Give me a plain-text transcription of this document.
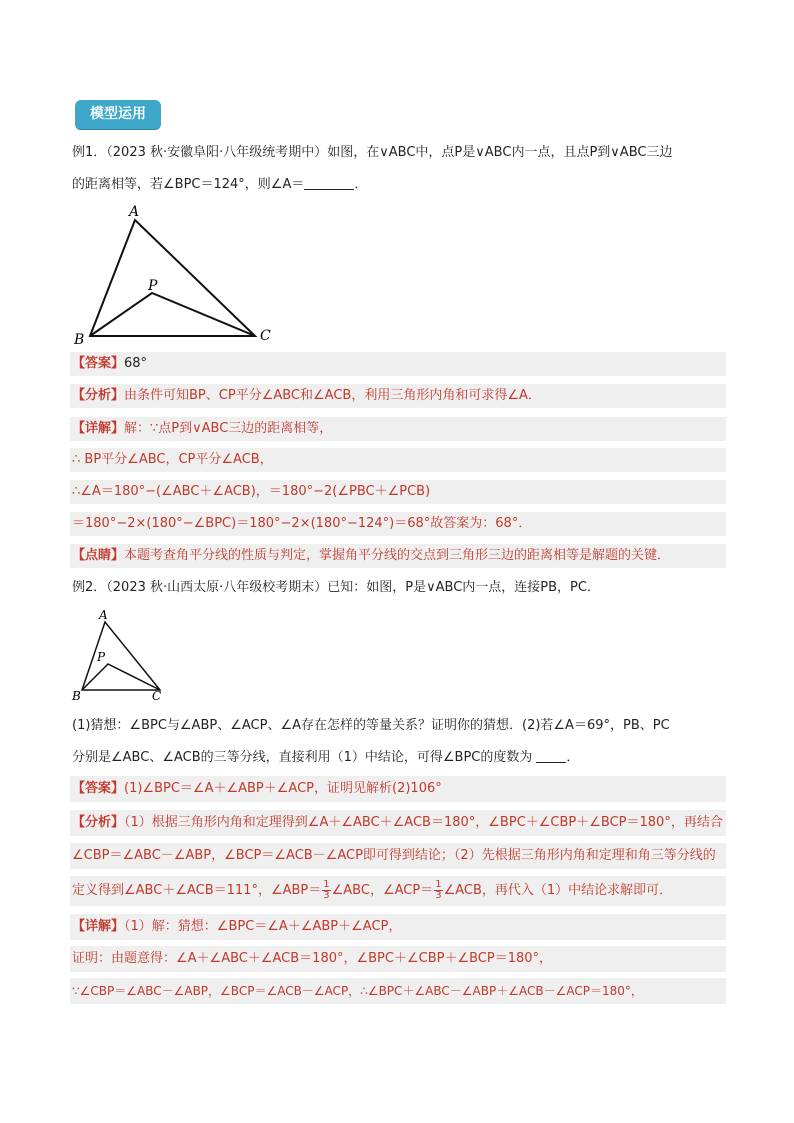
模型运用
例1．（2023 秋·安徽阜阳·八年级统考期中）如图，在∨ABC中，点P是∨ABC内一点，且点P到∨ABC三边
的距离相等，若∠BPC＝124°，则∠A＝	．
A
P
B	C
【答案】68°
【分析】由条件可知BP、CP平分∠ABC和∠ACB，利用三角形内角和可求得∠A．
【详解】解：∵点P到∨ABC三边的距离相等，
∴ BP平分∠ABC，CP平分∠ACB，
∴∠A＝180°−(∠ABC＋∠ACB)，＝180°−2(∠PBC＋∠PCB)
＝180°−2×(180°−∠BPC)＝180°−2×(180°−124°)＝68°故答案为：68°．
【点睛】本题考查角平分线的性质与判定，掌握角平分线的交点到三角形三边的距离相等是解题的关键．
例2．（2023 秋·山西太原·八年级校考期末）已知：如图，P是∨ABC内一点，连接PB，PC．
A
P
B	C
(1)猜想：∠BPC与∠ABP、∠ACP、∠A存在怎样的等量关系？证明你的猜想．(2)若∠A＝69°，PB、PC
分别是∠ABC、∠ACB的三等分线，直接利用（1）中结论，可得∠BPC的度数为	．
【答案】(1)∠BPC＝∠A＋∠ABP＋∠ACP，证明见解析(2)106°
【分析】（1）根据三角形内角和定理得到∠A＋∠ABC＋∠ACB＝180°，∠BPC＋∠CBP＋∠BCP＝180°，再结合
∠CBP＝∠ABC－∠ABP，∠BCP＝∠ACB－∠ACP即可得到结论；（2）先根据三角形内角和定理和角三等分线的
定义得到∠ABC＋∠ACB＝111°，∠ABP＝ $\frac{1}{3}$ ∠ABC，∠ACP＝ $\frac{1}{3}$ ∠ACB，再代入（1）中结论求解即可．
【详解】（1）解：猜想：∠BPC＝∠A＋∠ABP＋∠ACP，
证明：由题意得：∠A＋∠ABC＋∠ACB＝180°，∠BPC＋∠CBP＋∠BCP＝180°，
∵∠CBP＝∠ABC－∠ABP，∠BCP＝∠ACB－∠ACP，∴∠BPC＋∠ABC－∠ABP＋∠ACB－∠ACP＝180°，
